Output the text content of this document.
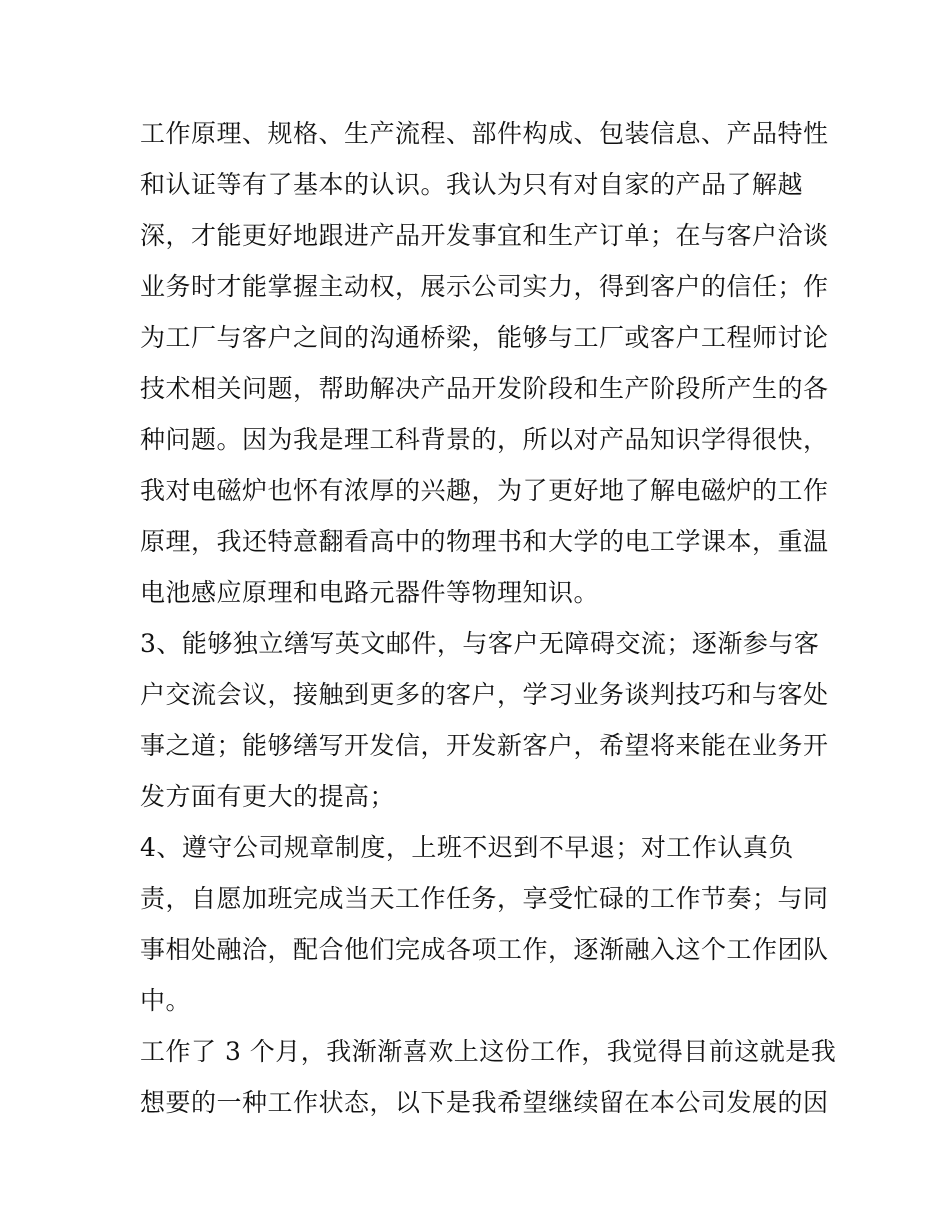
工作原理、规格、生产流程、部件构成、包装信息、产品特性
和认证等有了基本的认识。我认为只有对自家的产品了解越
深，才能更好地跟进产品开发事宜和生产订单；在与客户洽谈
业务时才能掌握主动权，展示公司实力，得到客户的信任；作
为工厂与客户之间的沟通桥梁，能够与工厂或客户工程师讨论
技术相关问题，帮助解决产品开发阶段和生产阶段所产生的各
种问题。因为我是理工科背景的，所以对产品知识学得很快，
我对电磁炉也怀有浓厚的兴趣，为了更好地了解电磁炉的工作
原理，我还特意翻看高中的物理书和大学的电工学课本，重温
电池感应原理和电路元器件等物理知识。
3、能够独立缮写英文邮件，与客户无障碍交流；逐渐参与客
户交流会议，接触到更多的客户，学习业务谈判技巧和与客处
事之道；能够缮写开发信，开发新客户，希望将来能在业务开
发方面有更大的提高；
4、遵守公司规章制度，上班不迟到不早退；对工作认真负
责，自愿加班完成当天工作任务，享受忙碌的工作节奏；与同
事相处融洽，配合他们完成各项工作，逐渐融入这个工作团队
中。
工作了 3 个月，我渐渐喜欢上这份工作，我觉得目前这就是我
想要的一种工作状态，以下是我希望继续留在本公司发展的因
